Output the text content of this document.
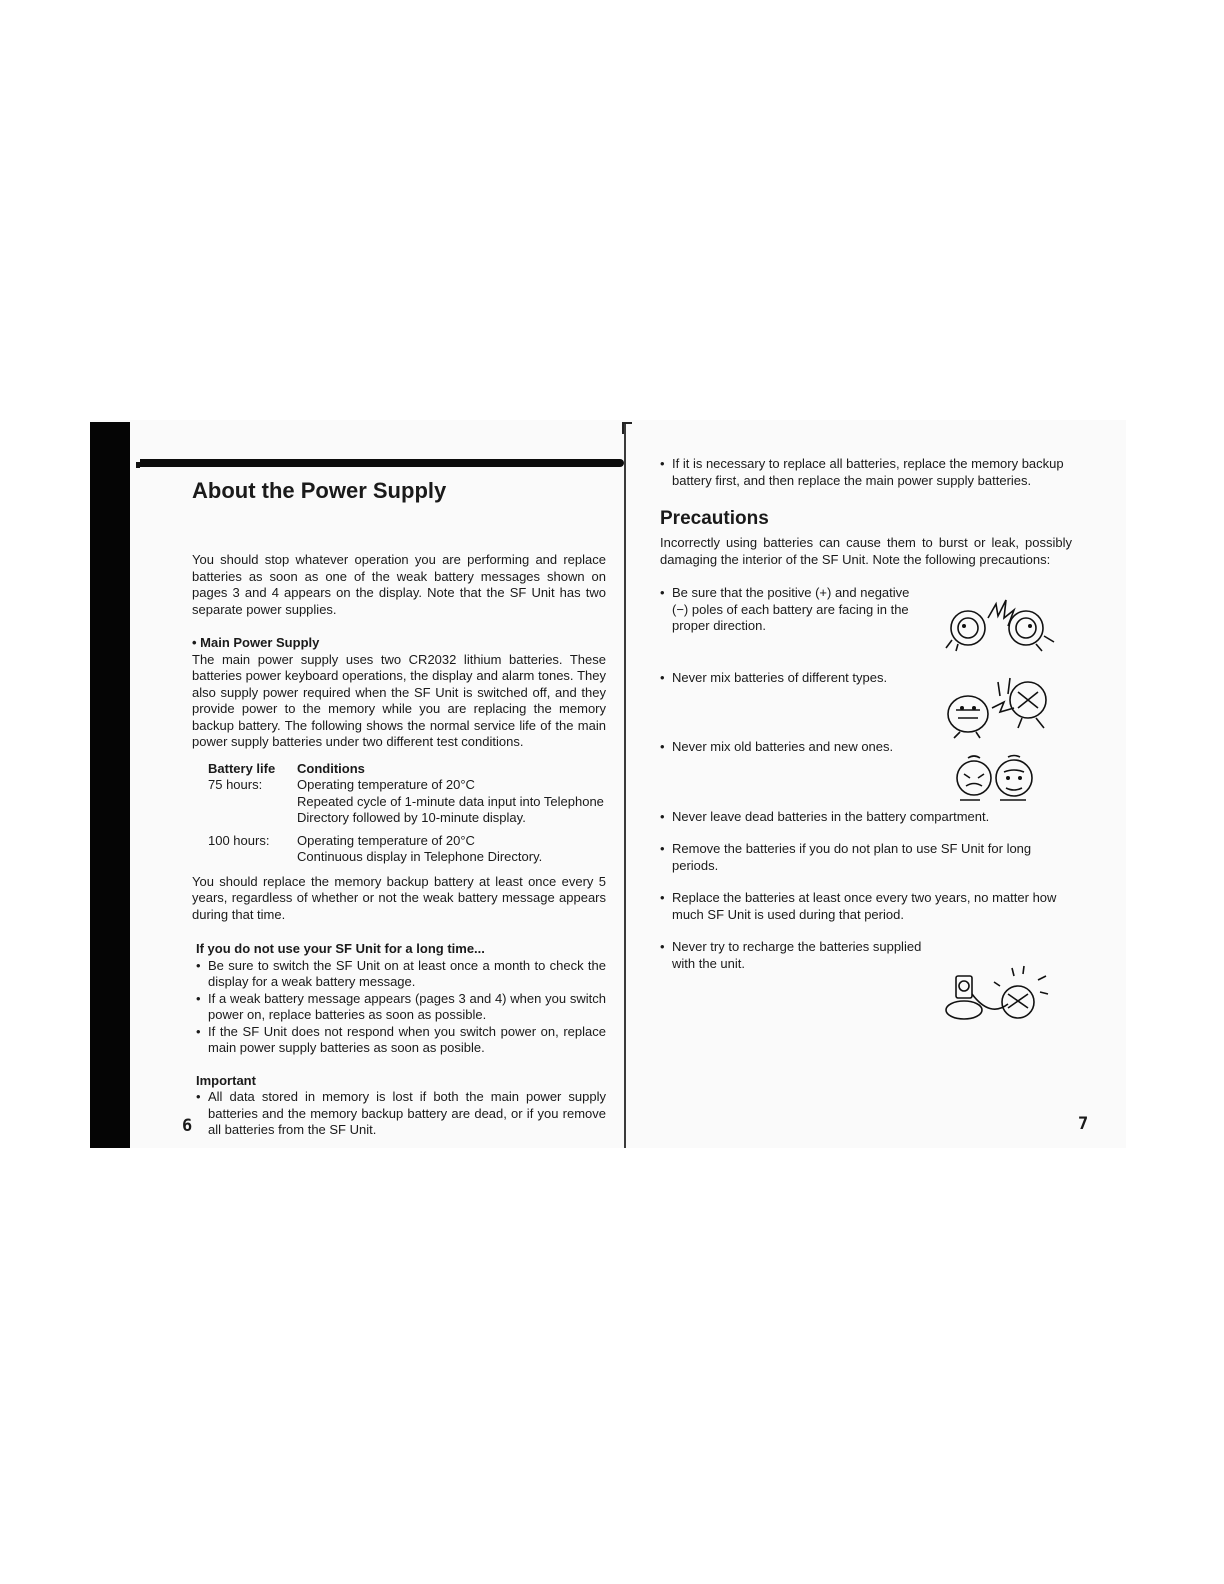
About the Power Supply

You should stop whatever operation you are performing and replace batteries as soon as one of the weak battery messages shown on pages 3 and 4 appears on the display. Note that the SF Unit has two separate power supplies.

• Main Power Supply

The main power supply uses two CR2032 lithium batteries. These batteries power keyboard operations, the display and alarm tones. They also supply power required when the SF Unit is switched off, and they provide power to the memory while you are replacing the memory backup battery. The following shows the normal service life of the main power supply batteries under two different test conditions.

Battery life	Conditions
75 hours:	Operating temperature of 20°C
Repeated cycle of 1-minute data input into Telephone Directory followed by 10-minute display.

100 hours:	Operating temperature of 20°C
Continuous display in Telephone Directory.

You should replace the memory backup battery at least once every 5 years, regardless of whether or not the weak battery message appears during that time.

If you do not use your SF Unit for a long time...
• Be sure to switch the SF Unit on at least once a month to check the display for a weak battery message.
• If a weak battery message appears (pages 3 and 4) when you switch power on, replace batteries as soon as possible.
• If the SF Unit does not respond when you switch power on, replace main power supply batteries as soon as posible.
Important
• All data stored in memory is lost if both the main power supply batteries and the memory backup battery are dead, or if you remove all batteries from the SF Unit.
6
• If it is necessary to replace all batteries, replace the memory backup battery first, and then replace the main power supply batteries.
Precautions

Incorrectly using batteries can cause them to burst or leak, possibly damaging the interior of the SF Unit. Note the following precautions:

• Be sure that the positive (+) and negative (−) poles of each battery are facing in the proper direction.
• Never mix batteries of different types.
• Never mix old batteries and new ones.
• Never leave dead batteries in the battery compartment.
• Remove the batteries if you do not plan to use SF Unit for long periods.
• Replace the batteries at least once every two years, no matter how much SF Unit is used during that period.
• Never try to recharge the batteries supplied with the unit.
7
